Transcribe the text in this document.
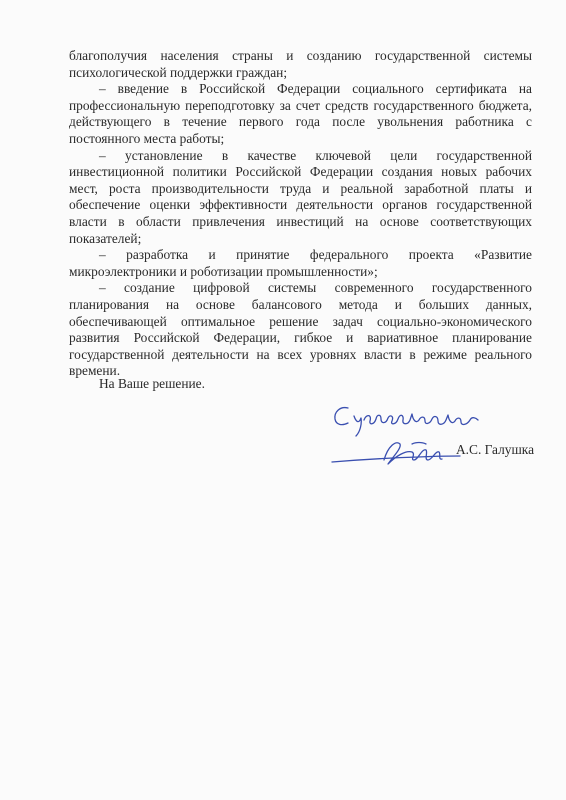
благополучия населения страны и созданию государственной системы психологической поддержки граждан;

– введение в Российской Федерации социального сертификата на профессиональную переподготовку за счет средств государственного бюджета, действующего в течение первого года после увольнения работника с постоянного места работы;

– установление в качестве ключевой цели государственной инвестиционной политики Российской Федерации создания новых рабочих мест, роста производительности труда и реальной заработной платы и обеспечение оценки эффективности деятельности органов государственной власти в области привлечения инвестиций на основе соответствующих показателей;

– разработка и принятие федерального проекта «Развитие микроэлектроники и роботизации промышленности»;

– создание цифровой системы современного государственного планирования на основе балансового метода и больших данных, обеспечивающей оптимальное решение задач социально-экономического развития Российской Федерации, гибкое и вариативное планирование государственной деятельности на всех уровнях власти в режиме реального времени.

На Ваше решение.

А.С. Галушка
